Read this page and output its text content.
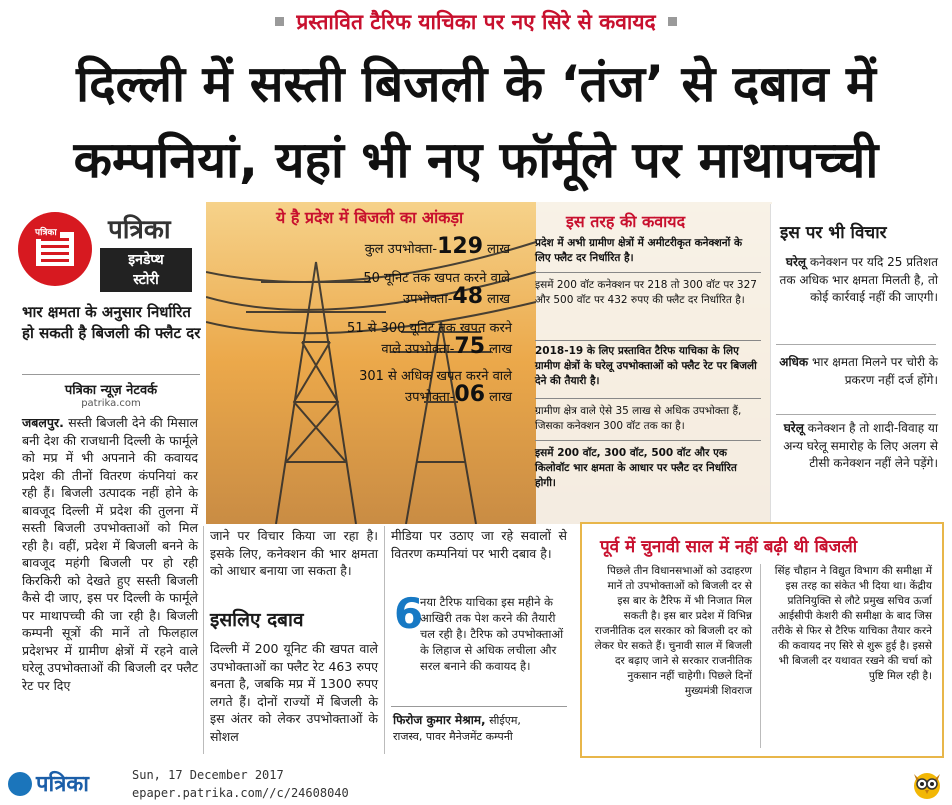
प्रस्तावित टैरिफ याचिका पर नए सिरे से कवायद
दिल्ली में सस्ती बिजली के ‘तंज’ से दबाव में
कम्पनियां, यहां भी नए फॉर्मूले पर माथापच्ची
पत्रिका पत्रिका
इनडेप्थ
स्टोरी
भार क्षमता के अनुसार निर्धारित हो सकती है बिजली की फ्लैट दर
पत्रिका न्यूज़ नेटवर्क
patrika.com
जबलपुर. सस्ती बिजली देने की मिसाल बनी देश की राजधानी दिल्ली के फार्मूले को मप्र में भी अपनाने की कवायद प्रदेश की तीनों वितरण कंपनियां कर रही हैं। बिजली उत्पादक नहीं होने के बावजूद दिल्ली में प्रदेश की तुलना में सस्ती बिजली उपभोक्ताओं को मिल रही है। वहीं, प्रदेश में बिजली बनने के बावजूद महंगी बिजली पर हो रही किरकिरी को देखते हुए सस्ती बिजली कैसे दी जाए, इस पर दिल्ली के फार्मूले पर माथापच्ची की जा रही है। बिजली कम्पनी सूत्रों की मानें तो फिलहाल प्रदेशभर में ग्रामीण क्षेत्रों में रहने वाले घरेलू उपभोक्ताओं की बिजली दर फ्लैट रेट पर दिए
ये है प्रदेश में बिजली का आंकड़ा
कुल उपभोक्ता-129 लाख
50 यूनिट तक खपत करने वाले उपभोक्ता-48 लाख
51 से 300 यूनिट तक खपत करने वाले उपभोक्ता-75 लाख
301 से अधिक खपत करने वाले उपभोक्ता-06 लाख
इस तरह की कवायद
प्रदेश में अभी ग्रामीण क्षेत्रों में अमीटरीकृत कनेक्शनों के लिए फ्लैट दर निर्धारित है।
इसमें 200 वॉट कनेक्शन पर 218 तो 300 वॉट पर 327 और 500 वॉट पर 432 रुपए की फ्लैट दर निर्धारित है।
2018-19 के लिए प्रस्तावित टैरिफ याचिका के लिए ग्रामीण क्षेत्रों के घरेलू उपभोक्ताओं को फ्लैट रेट पर बिजली देने की तैयारी है।
ग्रामीण क्षेत्र वाले ऐसे 35 लाख से अधिक उपभोक्ता हैं, जिसका कनेक्शन 300 वॉट तक का है।
इसमें 200 वॉट, 300 वॉट, 500 वॉट और एक किलोवॉट भार क्षमता के आधार पर फ्लैट दर निर्धारित होगी।
इस पर भी विचार
घरेलू कनेक्शन पर यदि 25 प्रतिशत तक अधिक भार क्षमता मिलती है, तो कोई कार्रवाई नहीं की जाएगी।
अधिक भार क्षमता मिलने पर चोरी के प्रकरण नहीं दर्ज होंगे।
घरेलू कनेक्शन है तो शादी-विवाह या अन्य घरेलू समारोह के लिए अलग से टीसी कनेक्शन नहीं लेने पड़ेंगे।
जाने पर विचार किया जा रहा है। इसके लिए, कनेक्शन की भार क्षमता को आधार बनाया जा सकता है।
इसलिए दबाव
दिल्ली में 200 यूनिट की खपत वाले उपभोक्ताओं का फ्लैट रेट 463 रुपए बनता है, जबकि मप्र में 1300 रुपए लगते हैं। दोनों राज्यों में बिजली के इस अंतर को लेकर उपभोक्ताओं के सोशल
मीडिया पर उठाए जा रहे सवालों से वितरण कम्पनियां पर भारी दबाव है।
6
नया टैरिफ याचिका इस महीने के आखिरी तक पेश करने की तैयारी चल रही है। टैरिफ को उपभोक्ताओं के लिहाज से अधिक लचीला और सरल बनाने की कवायद है।
फिरोज कुमार मेश्राम, सीईएम,
राजस्व, पावर मैनेजमेंट कम्पनी
पूर्व में चुनावी साल में नहीं बढ़ी थी बिजली
पिछले तीन विधानसभाओं को उदाहरण मानें तो उपभोक्ताओं को बिजली दर से इस बार के टैरिफ में भी निजात मिल सकती है। इस बार प्रदेश में विभिन्न राजनीतिक दल सरकार को बिजली दर को लेकर घेर सकते हैं। चुनावी साल में बिजली दर बढ़ाए जाने से सरकार राजनीतिक नुकसान नहीं चाहेगी। पिछले दिनों मुख्यमंत्री शिवराज
सिंह चौहान ने विद्युत विभाग की समीक्षा में इस तरह का संकेत भी दिया था। केंद्रीय प्रतिनियुक्ति से लौटे प्रमुख सचिव ऊर्जा आईसीपी केशरी की समीक्षा के बाद जिस तरीके से फिर से टैरिफ याचिका तैयार करने की कवायद नए सिरे से शुरू हुई है। इससे भी बिजली दर यथावत रखने की चर्चा को पुष्टि मिल रही है।
पत्रिका	Sun, 17 December 2017
epaper.patrika.com//c/24608040
